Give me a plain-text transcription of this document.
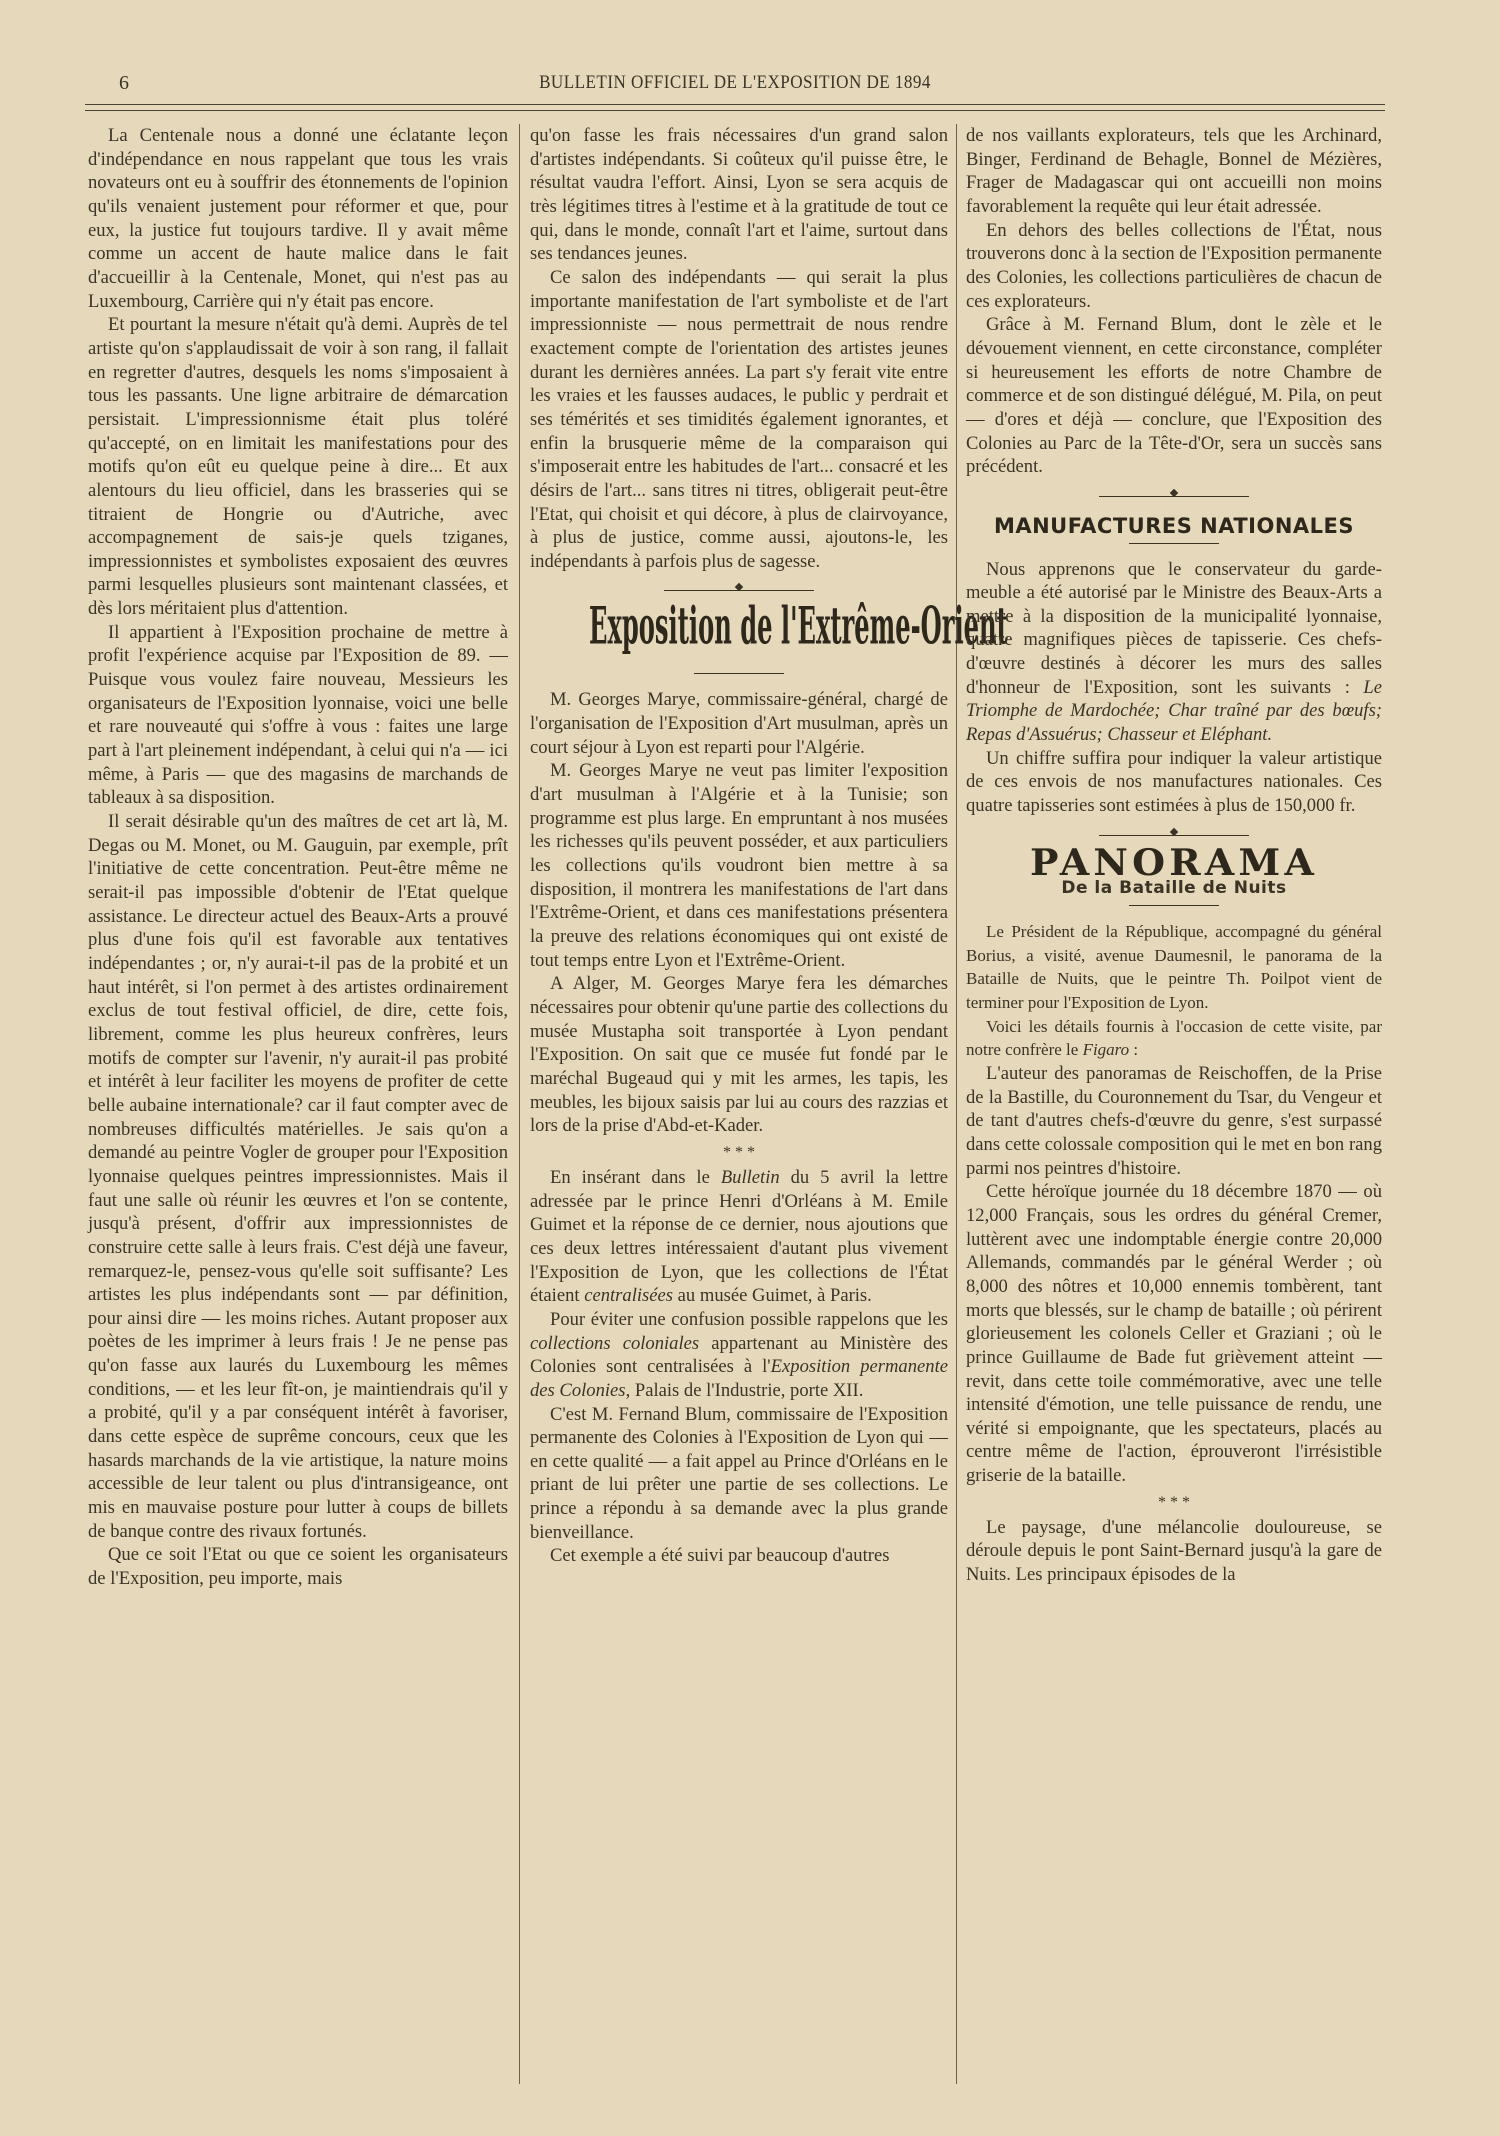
6	BULLETIN OFFICIEL DE L'EXPOSITION DE 1894

La Centenale nous a donné une éclatante leçon d'indépendance en nous rappelant que tous les vrais novateurs ont eu à souffrir des étonnements de l'opinion qu'ils venaient justement pour réformer et que, pour eux, la justice fut toujours tardive. Il y avait même comme un accent de haute malice dans le fait d'accueillir à la Centenale, Monet, qui n'est pas au Luxembourg, Carrière qui n'y était pas encore.

Et pourtant la mesure n'était qu'à demi. Auprès de tel artiste qu'on s'applaudissait de voir à son rang, il fallait en regretter d'autres, desquels les noms s'imposaient à tous les passants. Une ligne arbitraire de démarcation persistait. L'impressionnisme était plus toléré qu'accepté, on en limitait les manifestations pour des motifs qu'on eût eu quelque peine à dire... Et aux alentours du lieu officiel, dans les brasseries qui se titraient de Hongrie ou d'Autriche, avec accompagnement de sais-je quels tziganes, impressionnistes et symbolistes exposaient des œuvres parmi lesquelles plusieurs sont maintenant classées, et dès lors méritaient plus d'attention.

Il appartient à l'Exposition prochaine de mettre à profit l'expérience acquise par l'Exposition de 89. — Puisque vous voulez faire nouveau, Messieurs les organisateurs de l'Exposition lyonnaise, voici une belle et rare nouveauté qui s'offre à vous : faites une large part à l'art pleinement indépendant, à celui qui n'a — ici même, à Paris — que des magasins de marchands de tableaux à sa disposition.

Il serait désirable qu'un des maîtres de cet art là, M. Degas ou M. Monet, ou M. Gauguin, par exemple, prît l'initiative de cette concentration. Peut-être même ne serait-il pas impossible d'obtenir de l'Etat quelque assistance. Le directeur actuel des Beaux-Arts a prouvé plus d'une fois qu'il est favorable aux tentatives indépendantes ; or, n'y aurai-t-il pas de la probité et un haut intérêt, si l'on permet à des artistes ordinairement exclus de tout festival officiel, de dire, cette fois, librement, comme les plus heureux confrères, leurs motifs de compter sur l'avenir, n'y aurait-il pas probité et intérêt à leur faciliter les moyens de profiter de cette belle aubaine internationale? car il faut compter avec de nombreuses difficultés matérielles. Je sais qu'on a demandé au peintre Vogler de grouper pour l'Exposition lyonnaise quelques peintres impressionnistes. Mais il faut une salle où réunir les œuvres et l'on se contente, jusqu'à présent, d'offrir aux impressionnistes de construire cette salle à leurs frais. C'est déjà une faveur, remarquez-le, pensez-vous qu'elle soit suffisante? Les artistes les plus indépendants sont — par définition, pour ainsi dire — les moins riches. Autant proposer aux poètes de les imprimer à leurs frais ! Je ne pense pas qu'on fasse aux laurés du Luxembourg les mêmes conditions, — et les leur fît-on, je maintiendrais qu'il y a probité, qu'il y a par conséquent intérêt à favoriser, dans cette espèce de suprême concours, ceux que les hasards marchands de la vie artistique, la nature moins accessible de leur talent ou plus d'intransigeance, ont mis en mauvaise posture pour lutter à coups de billets de banque contre des rivaux fortunés.

Que ce soit l'Etat ou que ce soient les organisateurs de l'Exposition, peu importe, mais

qu'on fasse les frais nécessaires d'un grand salon d'artistes indépendants. Si coûteux qu'il puisse être, le résultat vaudra l'effort. Ainsi, Lyon se sera acquis de très légitimes titres à l'estime et à la gratitude de tout ce qui, dans le monde, connaît l'art et l'aime, surtout dans ses tendances jeunes.

Ce salon des indépendants — qui serait la plus importante manifestation de l'art symboliste et de l'art impressionniste — nous permettrait de nous rendre exactement compte de l'orientation des artistes jeunes durant les dernières années. La part s'y ferait vite entre les vraies et les fausses audaces, le public y perdrait et ses témérités et ses timidités également ignorantes, et enfin la brusquerie même de la comparaison qui s'imposerait entre les habitudes de l'art... consacré et les désirs de l'art... sans titres ni titres, obligerait peut-être l'Etat, qui choisit et qui décore, à plus de clairvoyance, à plus de justice, comme aussi, ajoutons-le, les indépendants à parfois plus de sagesse.

Exposition de l'Extrême-Orient

M. Georges Marye, commissaire-général, chargé de l'organisation de l'Exposition d'Art musulman, après un court séjour à Lyon est reparti pour l'Algérie.

M. Georges Marye ne veut pas limiter l'exposition d'art musulman à l'Algérie et à la Tunisie; son programme est plus large. En empruntant à nos musées les richesses qu'ils peuvent posséder, et aux particuliers les collections qu'ils voudront bien mettre à sa disposition, il montrera les manifestations de l'art dans l'Extrême-Orient, et dans ces manifestations présentera la preuve des relations économiques qui ont existé de tout temps entre Lyon et l'Extrême-Orient.

A Alger, M. Georges Marye fera les démarches nécessaires pour obtenir qu'une partie des collections du musée Mustapha soit transportée à Lyon pendant l'Exposition. On sait que ce musée fut fondé par le maréchal Bugeaud qui y mit les armes, les tapis, les meubles, les bijoux saisis par lui au cours des razzias et lors de la prise d'Abd-et-Kader.

* * *

En insérant dans le Bulletin du 5 avril la lettre adressée par le prince Henri d'Orléans à M. Emile Guimet et la réponse de ce dernier, nous ajoutions que ces deux lettres intéressaient d'autant plus vivement l'Exposition de Lyon, que les collections de l'État étaient centralisées au musée Guimet, à Paris.

Pour éviter une confusion possible rappelons que les collections coloniales appartenant au Ministère des Colonies sont centralisées à l'Exposition permanente des Colonies, Palais de l'Industrie, porte XII.

C'est M. Fernand Blum, commissaire de l'Exposition permanente des Colonies à l'Exposition de Lyon qui — en cette qualité — a fait appel au Prince d'Orléans en le priant de lui prêter une partie de ses collections. Le prince a répondu à sa demande avec la plus grande bienveillance.

Cet exemple a été suivi par beaucoup d'autres

de nos vaillants explorateurs, tels que les Archinard, Binger, Ferdinand de Behagle, Bonnel de Mézières, Frager de Madagascar qui ont accueilli non moins favorablement la requête qui leur était adressée.

En dehors des belles collections de l'État, nous trouverons donc à la section de l'Exposition permanente des Colonies, les collections particulières de chacun de ces explorateurs.

Grâce à M. Fernand Blum, dont le zèle et le dévouement viennent, en cette circonstance, compléter si heureusement les efforts de notre Chambre de commerce et de son distingué délégué, M. Pila, on peut — d'ores et déjà — conclure, que l'Exposition des Colonies au Parc de la Tête-d'Or, sera un succès sans précédent.

MANUFACTURES NATIONALES

Nous apprenons que le conservateur du garde-meuble a été autorisé par le Ministre des Beaux-Arts a mettre à la disposition de la municipalité lyonnaise, quatre magnifiques pièces de tapisserie. Ces chefs-d'œuvre destinés à décorer les murs des salles d'honneur de l'Exposition, sont les suivants : Le Triomphe de Mardochée; Char traîné par des bœufs; Repas d'Assuérus; Chasseur et Eléphant.

Un chiffre suffira pour indiquer la valeur artistique de ces envois de nos manufactures nationales. Ces quatre tapisseries sont estimées à plus de 150,000 fr.

PANORAMA
De la Bataille de Nuits

Le Président de la République, accompagné du général Borius, a visité, avenue Daumesnil, le panorama de la Bataille de Nuits, que le peintre Th. Poilpot vient de terminer pour l'Exposition de Lyon.

Voici les détails fournis à l'occasion de cette visite, par notre confrère le Figaro :

L'auteur des panoramas de Reischoffen, de la Prise de la Bastille, du Couronnement du Tsar, du Vengeur et de tant d'autres chefs-d'œuvre du genre, s'est surpassé dans cette colossale composition qui le met en bon rang parmi nos peintres d'histoire.

Cette héroïque journée du 18 décembre 1870 — où 12,000 Français, sous les ordres du général Cremer, luttèrent avec une indomptable énergie contre 20,000 Allemands, commandés par le général Werder ; où 8,000 des nôtres et 10,000 ennemis tombèrent, tant morts que blessés, sur le champ de bataille ; où périrent glorieusement les colonels Celler et Graziani ; où le prince Guillaume de Bade fut grièvement atteint — revit, dans cette toile commémorative, avec une telle intensité d'émotion, une telle puissance de rendu, une vérité si empoignante, que les spectateurs, placés au centre même de l'action, éprouveront l'irrésistible griserie de la bataille.

* * *

Le paysage, d'une mélancolie douloureuse, se déroule depuis le pont Saint-Bernard jusqu'à la gare de Nuits. Les principaux épisodes de la
